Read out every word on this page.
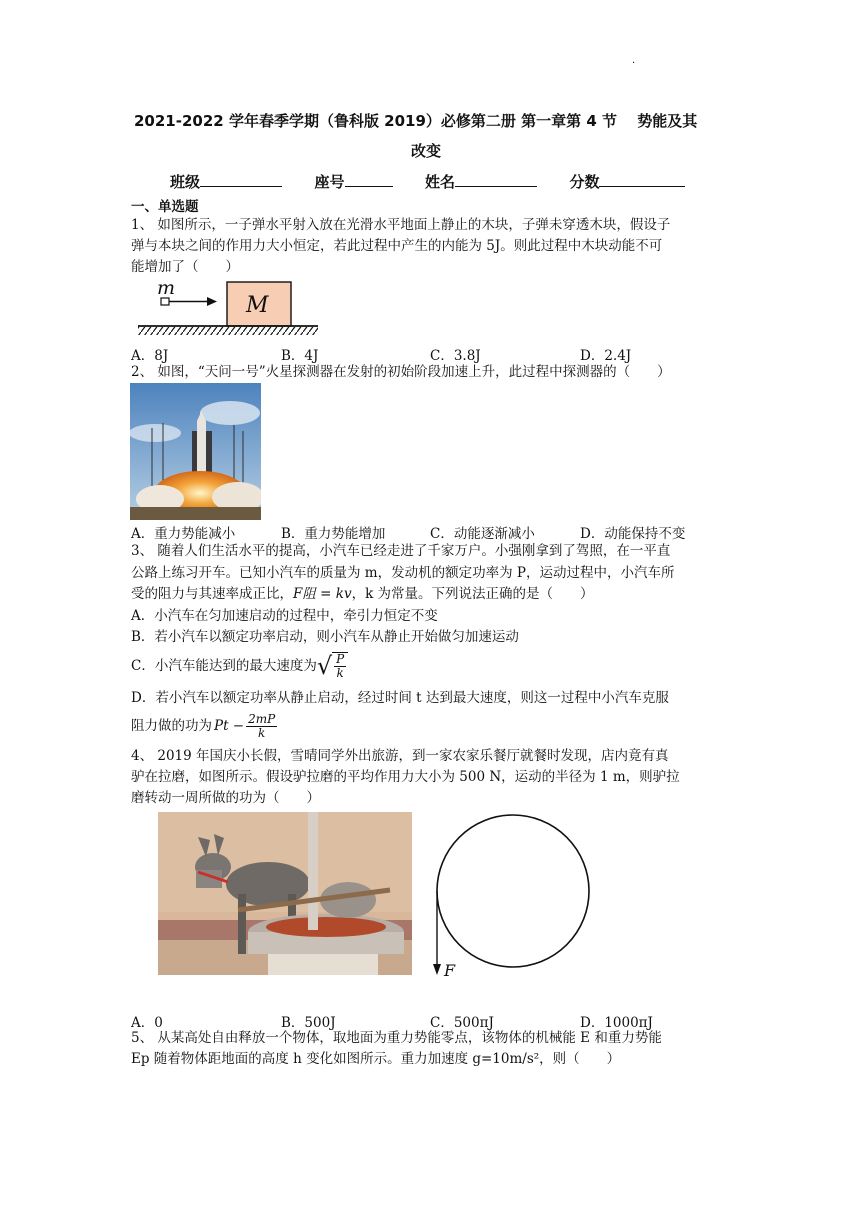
·
2021-2022 学年春季学期（鲁科版 2019）必修第二册 第一章第 4 节　 势能及其
改变
班级	座号	姓名	分数
一、单选题
1、 如图所示，一子弹水平射入放在光滑水平地面上静止的木块，子弹未穿透木块，假设子
弹与本块之间的作用力大小恒定，若此过程中产生的内能为 5J。则此过程中木块动能不可
能增加了（　　）
m
M
A．8J	B．4J	C．3.8J	D．2.4J
2、 如图，“天问一号”火星探测器在发射的初始阶段加速上升，此过程中探测器的（　　）
A．重力势能减小	B．重力势能增加	C．动能逐渐减小	D．动能保持不变
3、 随着人们生活水平的提高，小汽车已经走进了千家万户。小强刚拿到了驾照，在一平直
公路上练习开车。已知小汽车的质量为 m，发动机的额定功率为 P，运动过程中，小汽车所
受的阻力与其速率成正比，F阻 = kv，k 为常量。下列说法正确的是（　　）
A．小汽车在匀加速启动的过程中，牵引力恒定不变
B．若小汽车以额定功率启动，则小汽车从静止开始做匀加速运动
C．小汽车能达到的最大速度为 √ $\frac{P}{k}$
D．若小汽车以额定功率从静止启动，经过时间 t 达到最大速度，则这一过程中小汽车克服
阻力做的功为 $Pt - \frac{2mP}{k}$
4、 2019 年国庆小长假，雪晴同学外出旅游，到一家农家乐餐厅就餐时发现，店内竟有真
驴在拉磨，如图所示。假设驴拉磨的平均作用力大小为 500 N，运动的半径为 1 m，则驴拉
磨转动一周所做的功为（　　）
F
A．0	B．500J	C．500πJ	D．1000πJ
5、 从某高处自由释放一个物体，取地面为重力势能零点，该物体的机械能 E 和重力势能
Ep 随着物体距地面的高度 h 变化如图所示。重力加速度 g=10m/s²，则（　　）
